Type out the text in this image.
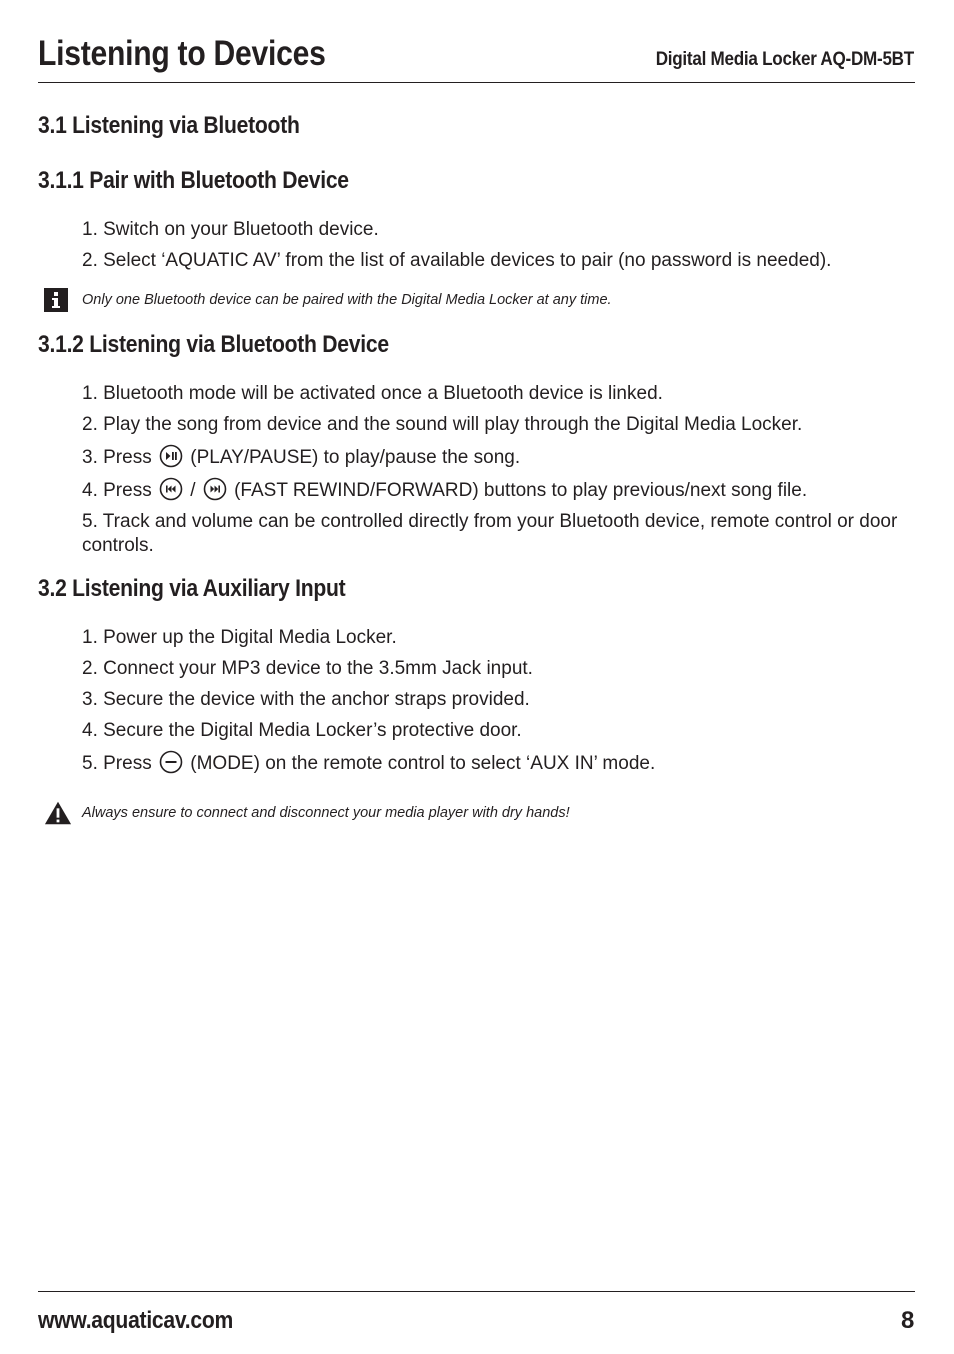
Listening to Devices	Digital Media Locker AQ-DM-5BT
3.1 Listening via Bluetooth
3.1.1 Pair with Bluetooth Device
1. Switch on your Bluetooth device.
2. Select ‘AQUATIC AV’ from the list of available devices to pair (no password is needed).
Only one Bluetooth device can be paired with the Digital Media Locker at any time.
3.1.2 Listening via Bluetooth Device
1. Bluetooth mode will be activated once a Bluetooth device is linked.
2. Play the song from device and the sound will play through the Digital Media Locker.
3. Press (PLAY/PAUSE) to play/pause the song.
4. Press / (FAST REWIND/FORWARD) buttons to play previous/next song file.
5. Track and volume can be controlled directly from your Bluetooth device, remote control or door controls.
3.2 Listening via Auxiliary Input
1. Power up the Digital Media Locker.
2. Connect your MP3 device to the 3.5mm Jack input.
3. Secure the device with the anchor straps provided.
4. Secure the Digital Media Locker’s protective door.
5. Press (MODE) on the remote control to select ‘AUX IN’ mode.
Always ensure to connect and disconnect your media player with dry hands!
www.aquaticav.com	8
